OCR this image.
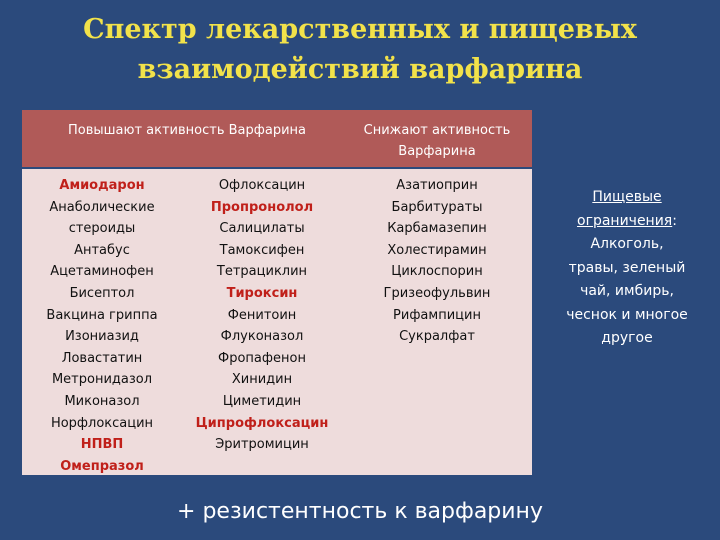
Спектр лекарственных и пищевых
взаимодействий варфарина
Повышают активность Варфарина	Снижают активность
Варфарина
Амиодарон
Анаболические
стероиды
Антабус
Ацетаминофен
Бисептол
Вакцина гриппа
Изониазид
Ловастатин
Метронидазол
Миконазол
Норфлоксацин
НПВП
Омепразол
Офлоксацин
Пропронолол
Салицилаты
Тамоксифен
Тетрациклин
Тироксин
Фенитоин
Флуконазол
Фропафенон
Хинидин
Циметидин
Ципрофлоксацин
Эритромицин
Азатиоприн
Барбитураты
Карбамазепин
Холестирамин
Циклоспорин
Гризеофульвин
Рифампицин
Сукралфат
Пищевые
ограничения:
Алкоголь,
травы, зеленый
чай, имбирь,
чеснок и многое
другое
+ резистентность к варфарину
